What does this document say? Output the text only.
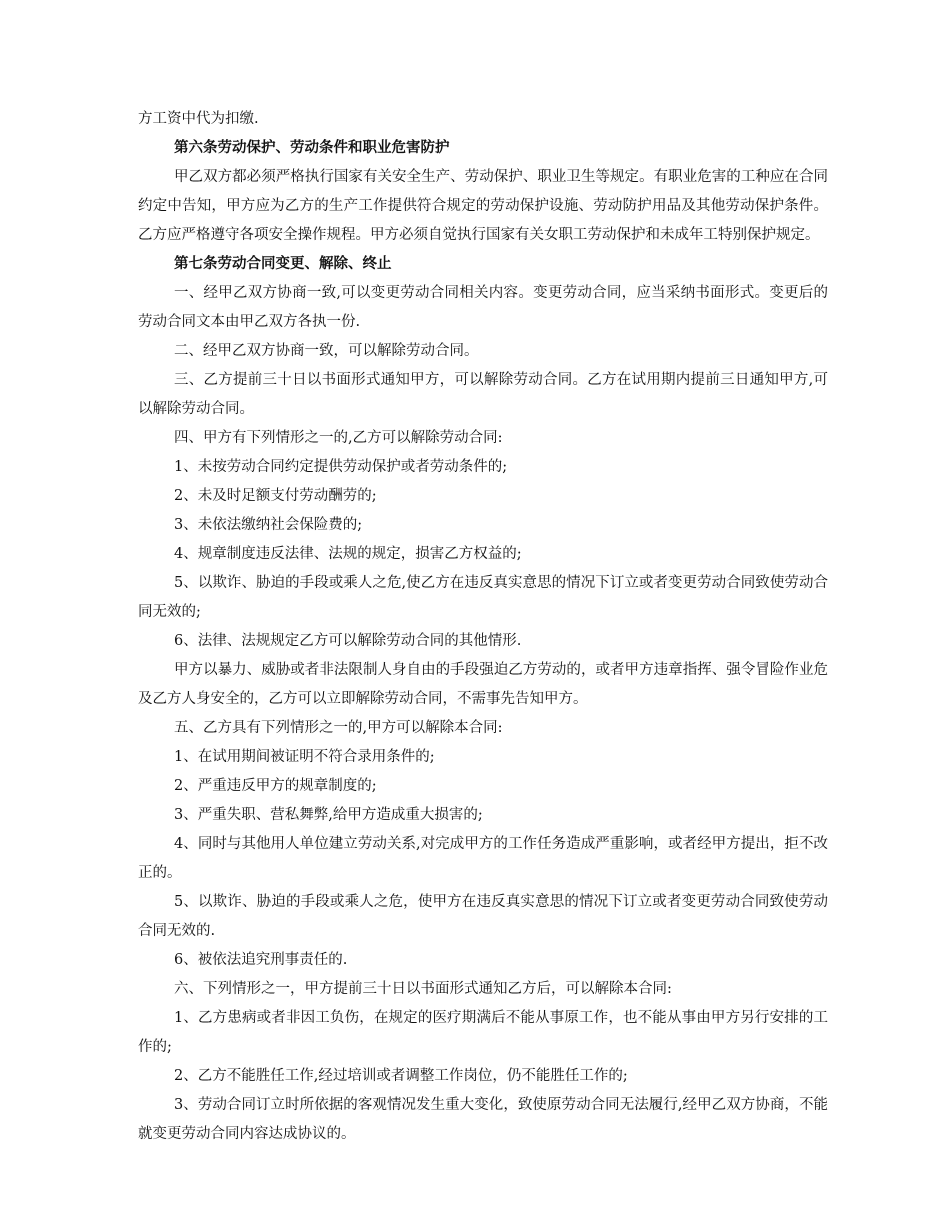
方工资中代为扣缴.

第六条劳动保护、劳动条件和职业危害防护

甲乙双方都必须严格执行国家有关安全生产、劳动保护、职业卫生等规定。有职业危害的工种应在合同约定中告知，甲方应为乙方的生产工作提供符合规定的劳动保护设施、劳动防护用品及其他劳动保护条件。乙方应严格遵守各项安全操作规程。甲方必须自觉执行国家有关女职工劳动保护和未成年工特别保护规定。

第七条劳动合同变更、解除、终止

一、经甲乙双方协商一致,可以变更劳动合同相关内容。变更劳动合同，应当采纳书面形式。变更后的劳动合同文本由甲乙双方各执一份.

二、经甲乙双方协商一致，可以解除劳动合同。

三、乙方提前三十日以书面形式通知甲方，可以解除劳动合同。乙方在试用期内提前三日通知甲方,可以解除劳动合同。

四、甲方有下列情形之一的,乙方可以解除劳动合同:

1、未按劳动合同约定提供劳动保护或者劳动条件的;

2、未及时足额支付劳动酬劳的;

3、未依法缴纳社会保险费的;

4、规章制度违反法律、法规的规定，损害乙方权益的;

5、以欺诈、胁迫的手段或乘人之危,使乙方在违反真实意思的情况下订立或者变更劳动合同致使劳动合同无效的;

6、法律、法规规定乙方可以解除劳动合同的其他情形.

甲方以暴力、威胁或者非法限制人身自由的手段强迫乙方劳动的，或者甲方违章指挥、强令冒险作业危及乙方人身安全的，乙方可以立即解除劳动合同，不需事先告知甲方。

五、乙方具有下列情形之一的,甲方可以解除本合同:

1、在试用期间被证明不符合录用条件的;

2、严重违反甲方的规章制度的;

3、严重失职、营私舞弊,给甲方造成重大损害的;

4、同时与其他用人单位建立劳动关系,对完成甲方的工作任务造成严重影响，或者经甲方提出，拒不改正的。

5、以欺诈、胁迫的手段或乘人之危，使甲方在违反真实意思的情况下订立或者变更劳动合同致使劳动合同无效的.

6、被依法追究刑事责任的.

六、下列情形之一，甲方提前三十日以书面形式通知乙方后，可以解除本合同:

1、乙方患病或者非因工负伤，在规定的医疗期满后不能从事原工作，也不能从事由甲方另行安排的工作的;

2、乙方不能胜任工作,经过培训或者调整工作岗位，仍不能胜任工作的;

3、劳动合同订立时所依据的客观情况发生重大变化，致使原劳动合同无法履行,经甲乙双方协商，不能就变更劳动合同内容达成协议的。
